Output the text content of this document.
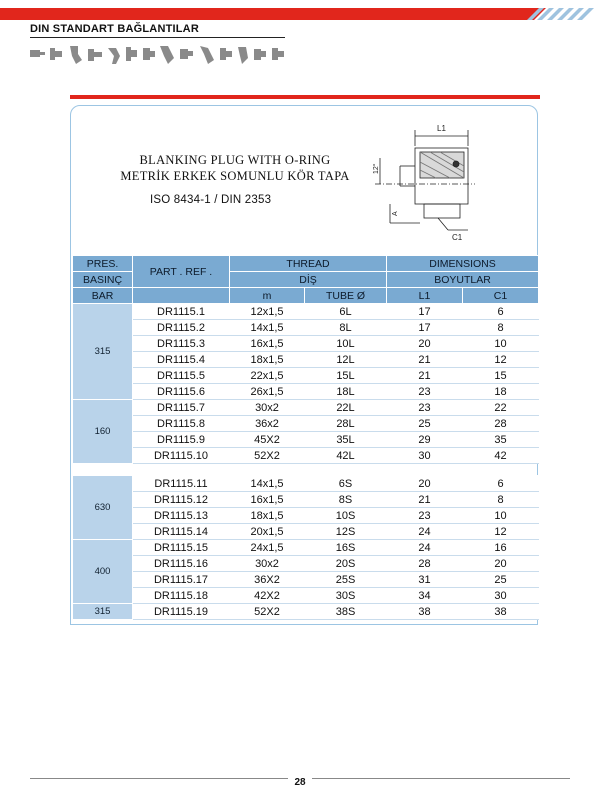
DIN STANDART BAĞLANTILAR
BLANKING PLUG WITH O-RING
METRİK ERKEK SOMUNLU KÖR TAPA
ISO 8434-1 / DIN 2353
L1
12°
A
C1
PRES.	PART . REF .	THREAD		DIMENSIONS	
BASINÇ		DİŞ		BOYUTLAR	
BAR		m	TUBE Ø	L1	C1
315	DR1115.1	12x1,5	6L	17	6
	DR1115.2	14x1,5	8L	17	8
	DR1115.3	16x1,5	10L	20	10
	DR1115.4	18x1,5	12L	21	12
	DR1115.5	22x1,5	15L	21	15
	DR1115.6	26x1,5	18L	23	18
160	DR1115.7	30x2	22L	23	22
	DR1115.8	36x2	28L	25	28
	DR1115.9	45X2	35L	29	35
	DR1115.10	52X2	42L	30	42
630	DR1115.11	14x1,5	6S	20	6
	DR1115.12	16x1,5	8S	21	8
	DR1115.13	18x1,5	10S	23	10
	DR1115.14	20x1,5	12S	24	12
400	DR1115.15	24x1,5	16S	24	16
	DR1115.16	30x2	20S	28	20
	DR1115.17	36X2	25S	31	25
	DR1115.18	42X2	30S	34	30
315	DR1115.19	52X2	38S	38	38
28
